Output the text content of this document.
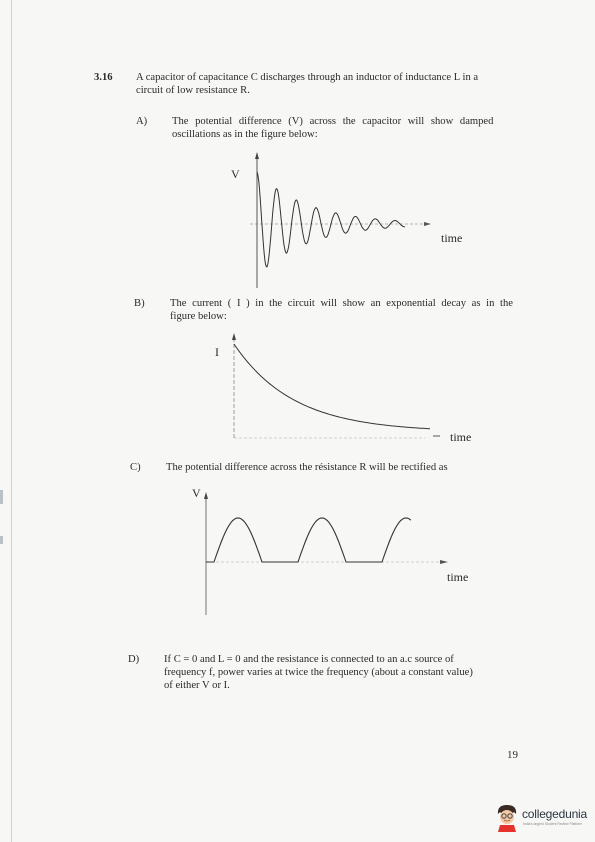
3.16 A capacitor of capacitance C discharges through an inductor of inductance L in a
circuit of low resistance R.
A) The potential difference (V) across the capacitor will show damped
oscillations as in the figure below:
V
time
B) The current ( I ) in the circuit will show an exponential decay as in the
figure below:
I
time
C) The potential difference across the résistance R will be rectified as
V
time
D) If C = 0 and L = 0 and the resistance is connected to an a.c source of
frequency f, power varies at twice the frequency (about a constant value)
of either V or I.
19
collegedunia
India's largest Student Review Platform
